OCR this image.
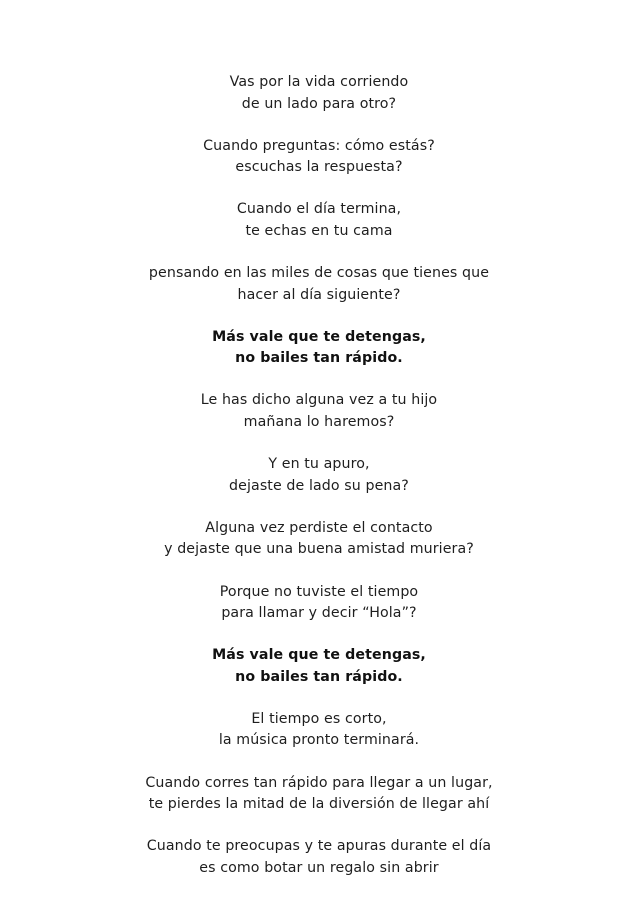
Vas por la vida corriendo
de un lado para otro?
Cuando preguntas: cómo estás?
escuchas la respuesta?
Cuando el día termina,
te echas en tu cama
pensando en las miles de cosas que tienes que
hacer al día siguiente?
Más vale que te detengas,
no bailes tan rápido.
Le has dicho alguna vez a tu hijo
mañana lo haremos?
Y en tu apuro,
dejaste de lado su pena?
Alguna vez perdiste el contacto
y dejaste que una buena amistad muriera?
Porque no tuviste el tiempo
para llamar y decir “Hola”?
Más vale que te detengas,
no bailes tan rápido.
El tiempo es corto,
la música pronto terminará.
Cuando corres tan rápido para llegar a un lugar,
te pierdes la mitad de la diversión de llegar ahí
Cuando te preocupas y te apuras durante el día
es como botar un regalo sin abrir
